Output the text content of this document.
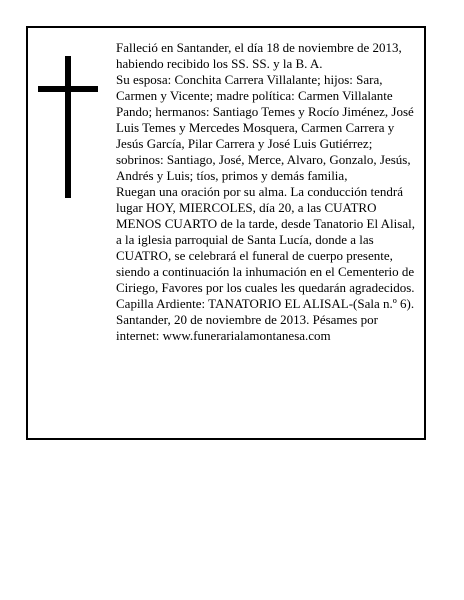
Falleció en Santander, el día 18 de noviembre de 2013, habiendo recibido los SS. SS. y la B. A.

Su esposa: Conchita Carrera Villalante; hijos: Sara, Carmen y Vicente; madre política: Carmen Villalante Pando; hermanos: Santiago Temes y Rocío Jiménez, José Luis Temes y Mercedes Mosquera, Carmen Carrera y Jesús García, Pilar Carrera y José Luis Gutiérrez; sobrinos: Santiago, José, Merce, Alvaro, Gonzalo, Jesús, Andrés y Luis; tíos, primos y demás familia,

Ruegan una oración por su alma. La conducción tendrá lugar HOY, MIERCOLES, día 20, a las CUATRO MENOS CUARTO de la tarde, desde Tanatorio El Alisal, a la iglesia parroquial de Santa Lucía, donde a las CUATRO, se celebrará el funeral de cuerpo presente, siendo a continuación la inhumación en el Cementerio de Ciriego, Favores por los cuales les quedarán agradecidos. Capilla Ardiente: TANATORIO EL ALISAL-(Sala n.º 6).

Santander, 20 de noviembre de 2013. Pésames por internet: www.funerarialamontanesa.com
